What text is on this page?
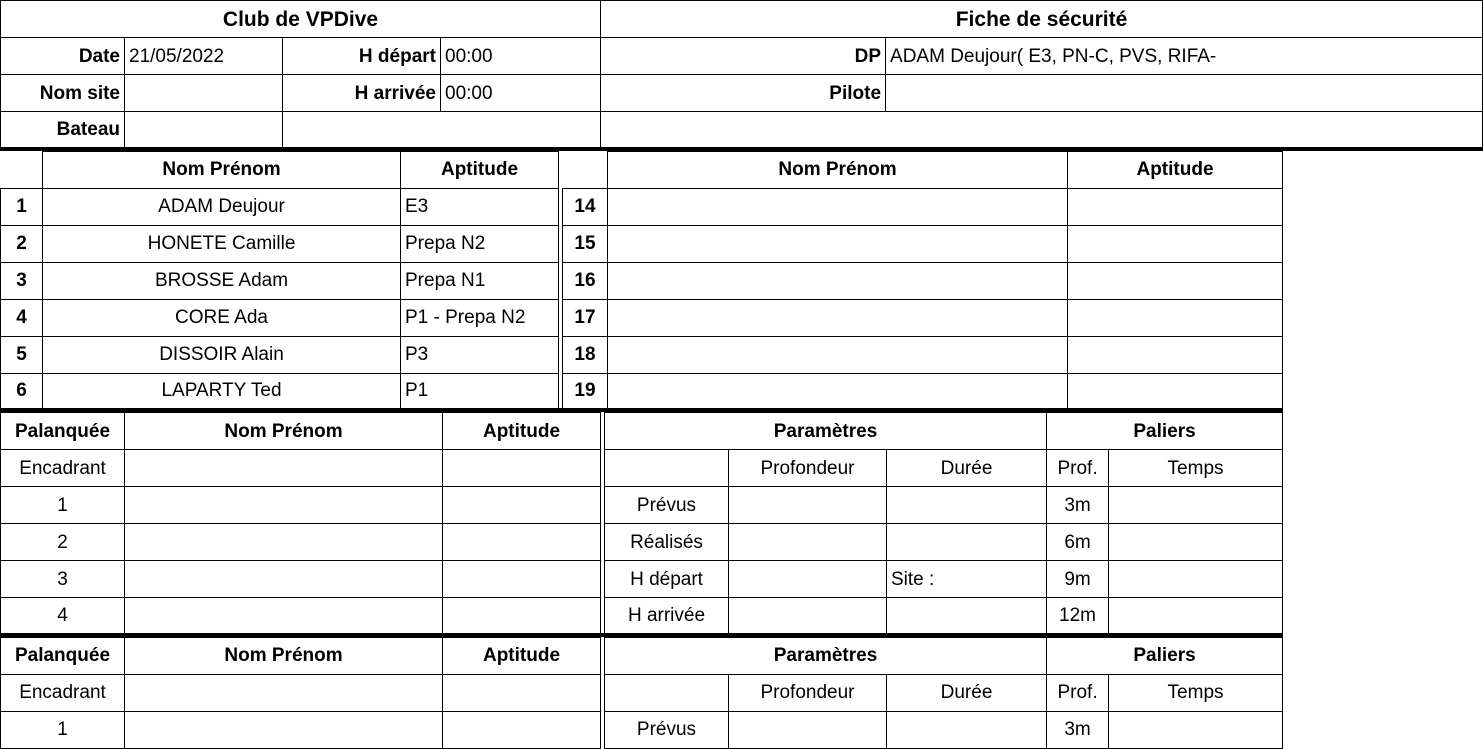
Club de VPDive				Fiche de sécurité	
Date	21/05/2022	H départ	00:00	DP	ADAM Deujour( E3, PN-C, PVS, RIFA-
Nom site		H arrivée	00:00	Pilote	
Bateau					
	Nom Prénom	Aptitude			Nom Prénom	Aptitude
1	ADAM Deujour	E3		14		
2	HONETE Camille	Prepa N2		15		
3	BROSSE Adam	Prepa N1		16		
4	CORE Ada	P1 - Prepa N2		17		
5	DISSOIR Alain	P3		18		
6	LAPARTY Ted	P1		19		
Palanquée	Nom Prénom	Aptitude		Paramètres			Paliers	
Encadrant					Profondeur	Durée	Prof.	Temps
1				Prévus			3m	
2				Réalisés			6m	
3				H départ		Site :	9m	
4				H arrivée			12m	
Palanquée	Nom Prénom	Aptitude		Paramètres			Paliers	
Encadrant					Profondeur	Durée	Prof.	Temps
1				Prévus			3m	
